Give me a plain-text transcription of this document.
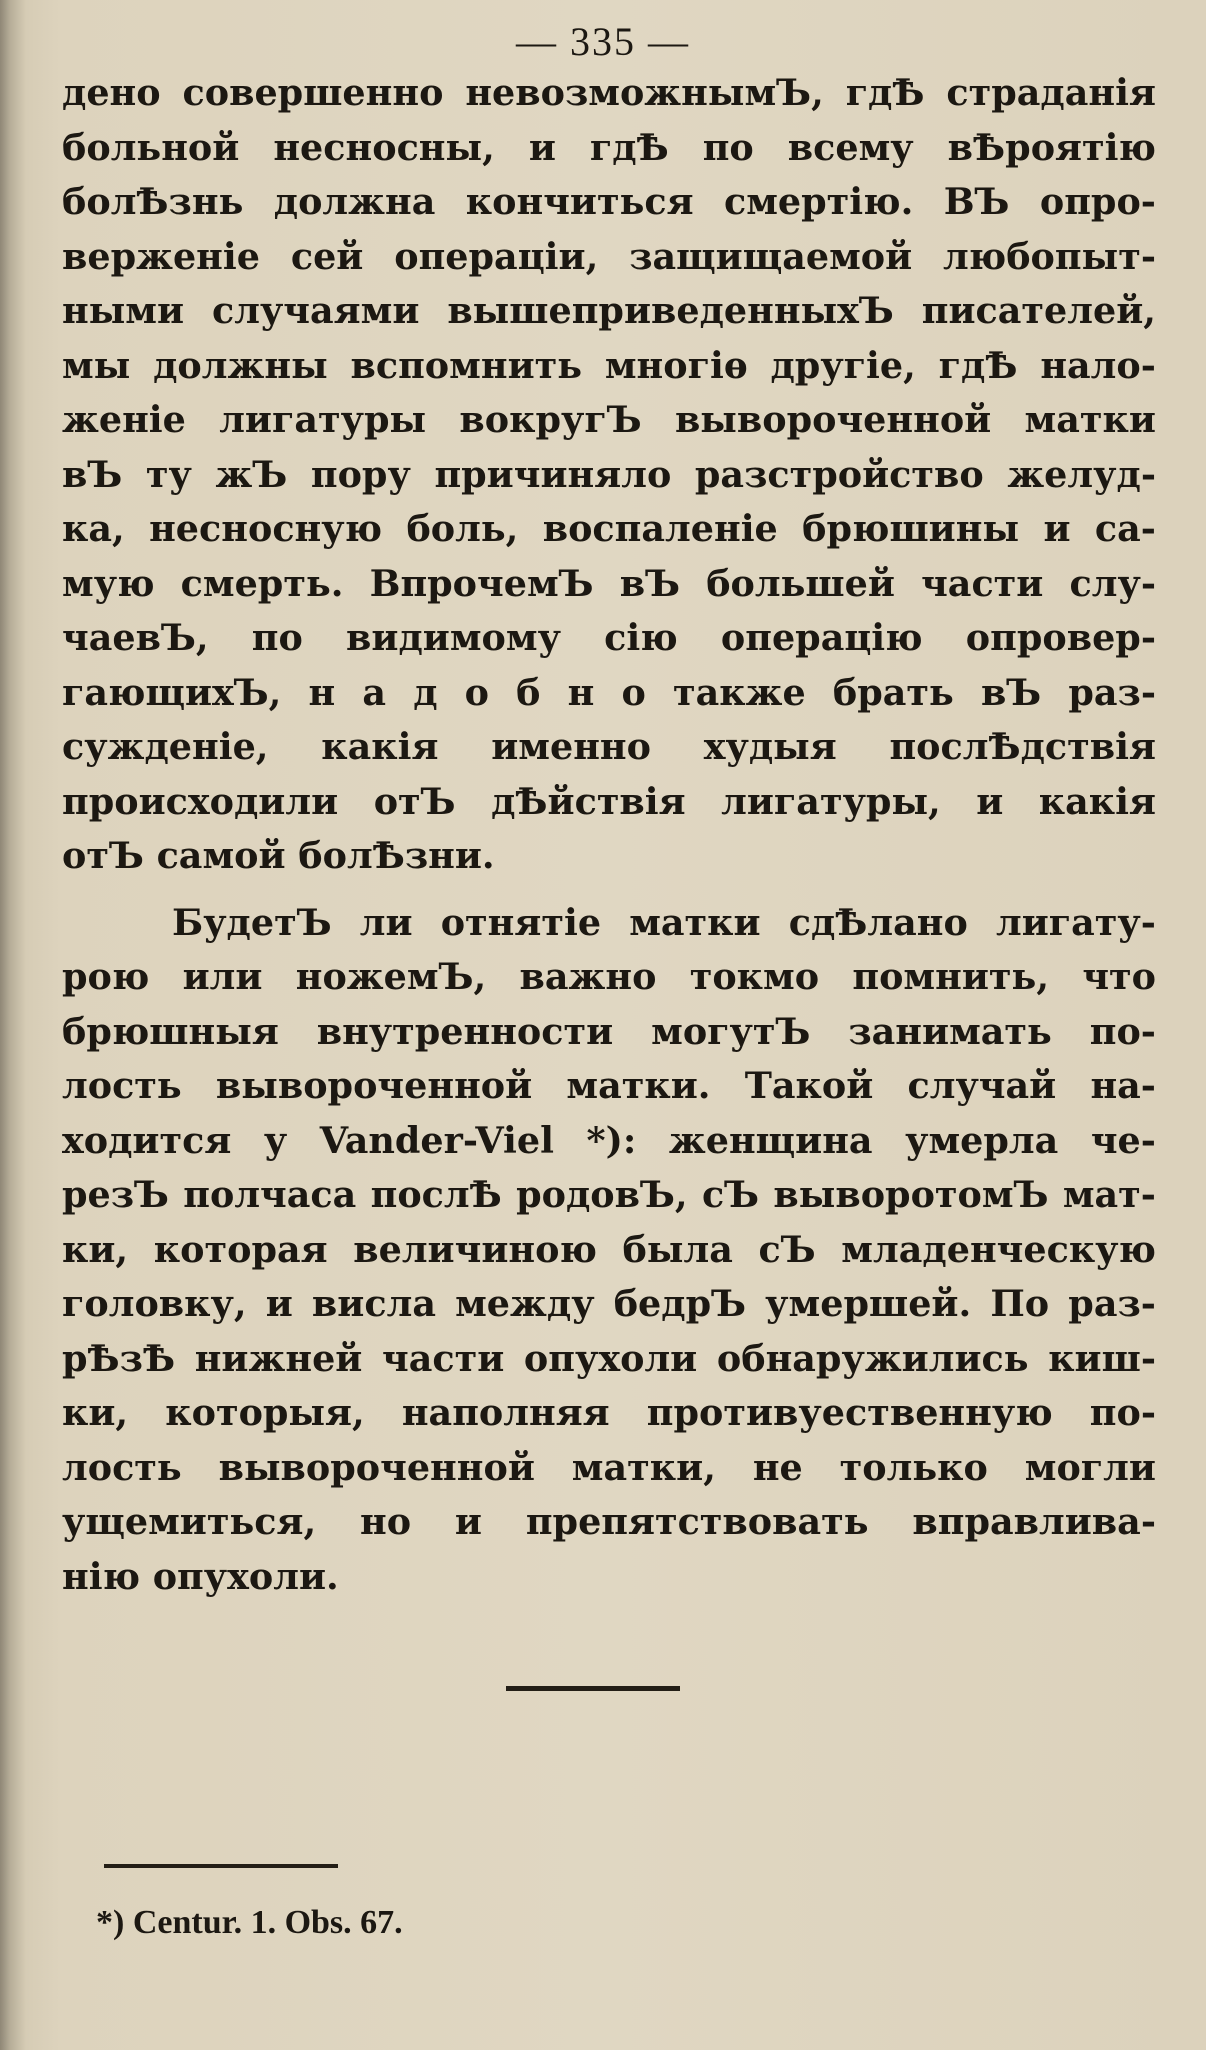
— 335 —
дено совершенно невозможнымЪ, гдѢ страданія
больной несносны, и гдѢ по всему вѢроятію
болѢзнь должна кончиться смертію. ВЪ опро-
верженіе сей операціи, защищаемой любопыт-
ными случаями вышеприведенныхЪ писателей,
мы должны вспомнить многіѳ другіе, гдѢ нало-
женіе лигатуры вокругЪ вывороченной матки
вЪ ту жЪ пору причиняло разстройство желуд-
ка, несносную боль, воспаленіе брюшины и са-
мую смерть. ВпрочемЪ вЪ большей части слу-
чаевЪ, по видимому сію операцію опровер-
гающихЪ, н а д о б н о также брать вЪ раз-
сужденіе, какія именно худыя послѢдствія
происходили отЪ дѢйствія лигатуры, и какія
отЪ самой болѢзни.
БудетЪ ли отнятіе матки сдѢлано лигату-
рою или ножемЪ, важно токмо помнить, что
брюшныя внутренности могутЪ занимать по-
лость вывороченной матки. Такой случай на-
ходится у Vander-Viel *): женщина умерла че-
резЪ полчаса послѢ родовЪ, сЪ выворотомЪ мат-
ки, которая величиною была сЪ младенческую
головку, и висла между бедрЪ умершей. По раз-
рѢзѢ нижней части опухоли обнаружились киш-
ки, которыя, наполняя противуественную по-
лость вывороченной матки, не только могли
ущемиться, но и препятствовать вправлива-
нію опухоли.
*) Centur. 1. Obs. 67.
